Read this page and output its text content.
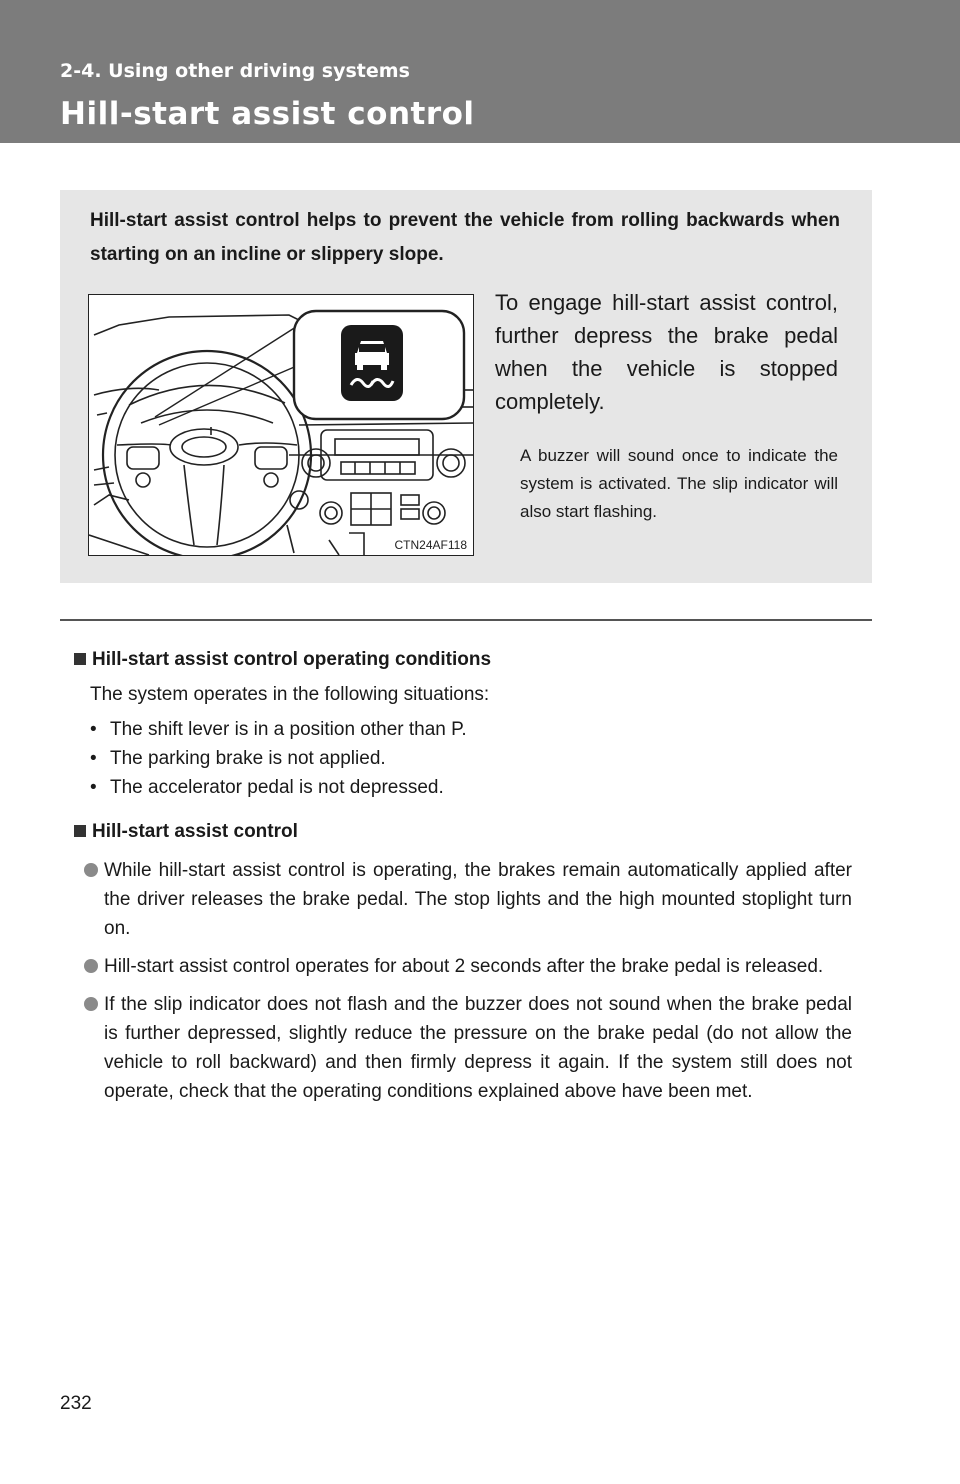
2-4. Using other driving systems
Hill-start assist control
Hill-start assist control helps to prevent the vehicle from rolling backwards when starting on an incline or slippery slope.
CTN24AF118
To engage hill-start assist control, further depress the brake pedal when the vehicle is stopped completely.
A buzzer will sound once to indicate the system is activated. The slip indicator will also start flashing.
Hill-start assist control operating conditions
The system operates in the following situations:
• The shift lever is in a position other than P.
• The parking brake is not applied.
• The accelerator pedal is not depressed.
Hill-start assist control
While hill-start assist control is operating, the brakes remain automatically applied after the driver releases the brake pedal. The stop lights and the high mounted stoplight turn on.
Hill-start assist control operates for about 2 seconds after the brake pedal is released.
If the slip indicator does not flash and the buzzer does not sound when the brake pedal is further depressed, slightly reduce the pressure on the brake pedal (do not allow the vehicle to roll backward) and then firmly depress it again. If the system still does not operate, check that the operating conditions explained above have been met.
232
